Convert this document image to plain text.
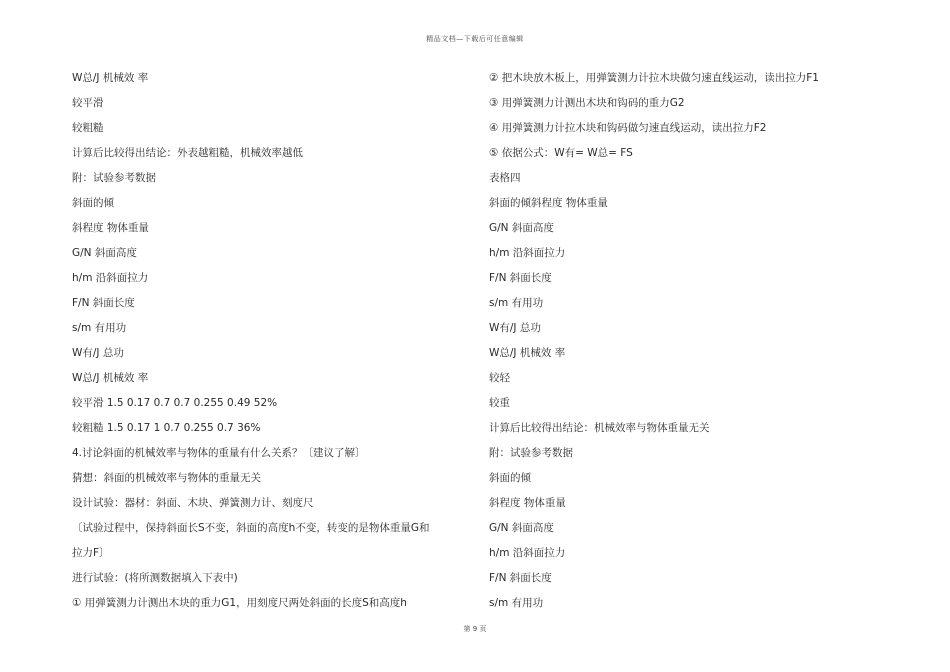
精品文档—下载后可任意编辑
W总/J 机械效 率
较平滑
较粗糙
计算后比较得出结论：外表越粗糙，机械效率越低
附：试验参考数据
斜面的倾
斜程度 物体重量
G/N 斜面高度
h/m 沿斜面拉力
F/N 斜面长度
s/m 有用功
W有/J 总功
W总/J 机械效 率
较平滑 1.5 0.17 0.7 0.7 0.255 0.49 52%
较粗糙 1.5 0.17 1 0.7 0.255 0.7 36%
4.讨论斜面的机械效率与物体的重量有什么关系？〔建议了解〕
猜想：斜面的机械效率与物体的重量无关
设计试验：器材：斜面、木块、弹簧测力计、刻度尺
〔试验过程中，保持斜面长S不变，斜面的高度h不变，转变的是物体重量G和
拉力F〕
进行试验：(将所测数据填入下表中)
① 用弹簧测力计测出木块的重力G1，用刻度尺两处斜面的长度S和高度h
② 把木块放木板上，用弹簧测力计拉木块做匀速直线运动，读出拉力F1
③ 用弹簧测力计测出木块和钩码的重力G2
④ 用弹簧测力计拉木块和钩码做匀速直线运动，读出拉力F2
⑤ 依据公式：W有= W总= FS
表格四
斜面的倾斜程度 物体重量
G/N 斜面高度
h/m 沿斜面拉力
F/N 斜面长度
s/m 有用功
W有/J 总功
W总/J 机械效 率
较轻
较重
计算后比较得出结论：机械效率与物体重量无关
附：试验参考数据
斜面的倾
斜程度 物体重量
G/N 斜面高度
h/m 沿斜面拉力
F/N 斜面长度
s/m 有用功
第 9 页
